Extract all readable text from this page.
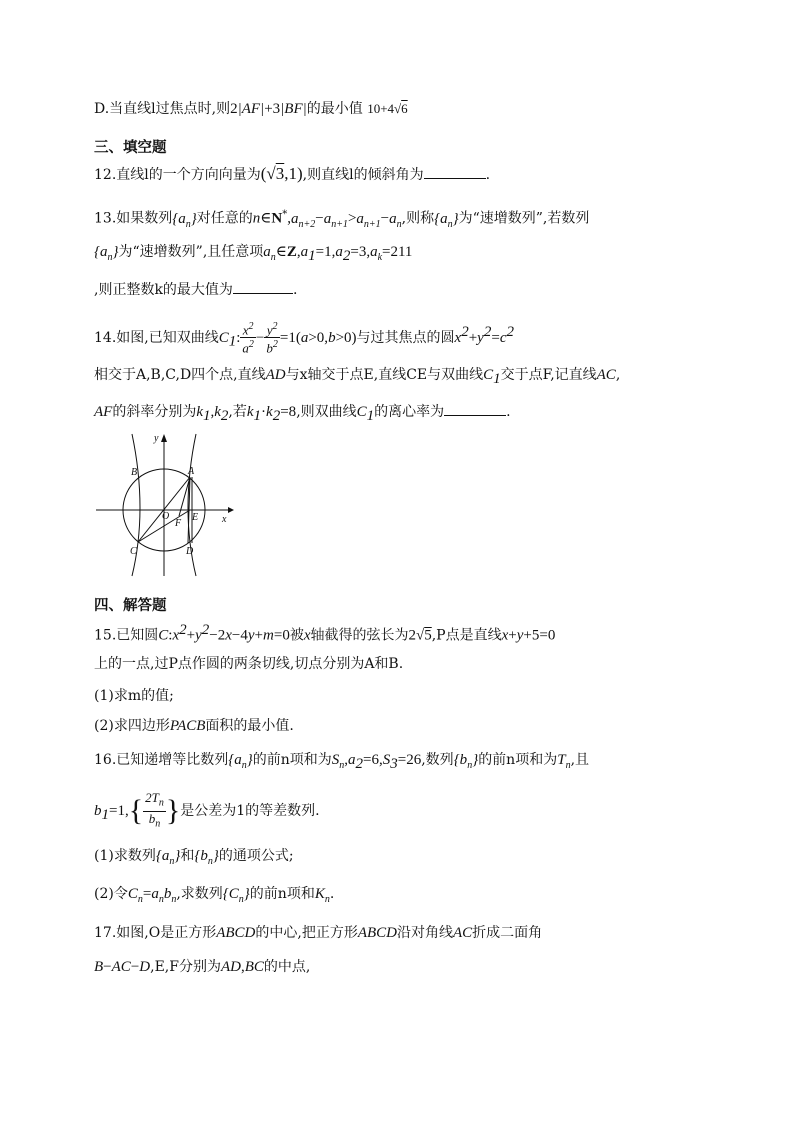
D.当直线l过焦点时,则2|AF|+3|BF|的最小值 10+4√6
三、填空题
12.直线l的一个方向向量为(√3,1),则直线l的倾斜角为	.
13.如果数列$\{a_n\}$对任意的$n\in N^*,a_{n+2}-a_{n+1}>a_{n+1}-a_n$,则称$\{a_n\}$为“速增数列”,若数列
$\{a_n\}$为“速增数列”,且任意项$a_n\in Z,a_1=1,a_2=3,a_k=211$
,则正整数k的最大值为	.
14.如图,已知双曲线$C_1$: $\frac{x^2}{a^2} - \frac{y^2}{b^2} =1(a>0,b>0)$与过其焦点的圆$x^2+y^2=c^2$
相交于A,B,C,D四个点,直线AD与x轴交于点E,直线CE与双曲线$C_1$交于点F,记直线AC,
AF的斜率分别为$k_1,k_2$,若$k_1\cdot k_2=8$,则双曲线$C_1$的离心率为	.
y
x
A
B
C	D
E
F
O
四、解答题
15.已知圆$C:x^2+y^2-2x-4y+m=0$被x轴截得的弦长为2√5,P点是直线x+y+5=0
上的一点,过P点作圆的两条切线,切点分别为A和B.
(1)求m的值;
(2)求四边形PACB面积的最小值.
16.已知递增等比数列$\{a_n\}$的前n项和为$S_n,a_2=6,S_3=26$,数列$\{b_n\}$的前n项和为$T_n$,且
$b_1=1,\{ \frac{2T_n}{b_n}$ }是公差为1的等差数列.
(1)求数列$\{a_n\}$和$\{b_n\}$的通项公式;
(2)令$C_n=a_nb_n$,求数列$\{C_n\}$的前n项和$K_n$.
17.如图,O是正方形ABCD的中心,把正方形ABCD沿对角线AC折成二面角
B−AC−D,E,F分别为AD,BC的中点,
